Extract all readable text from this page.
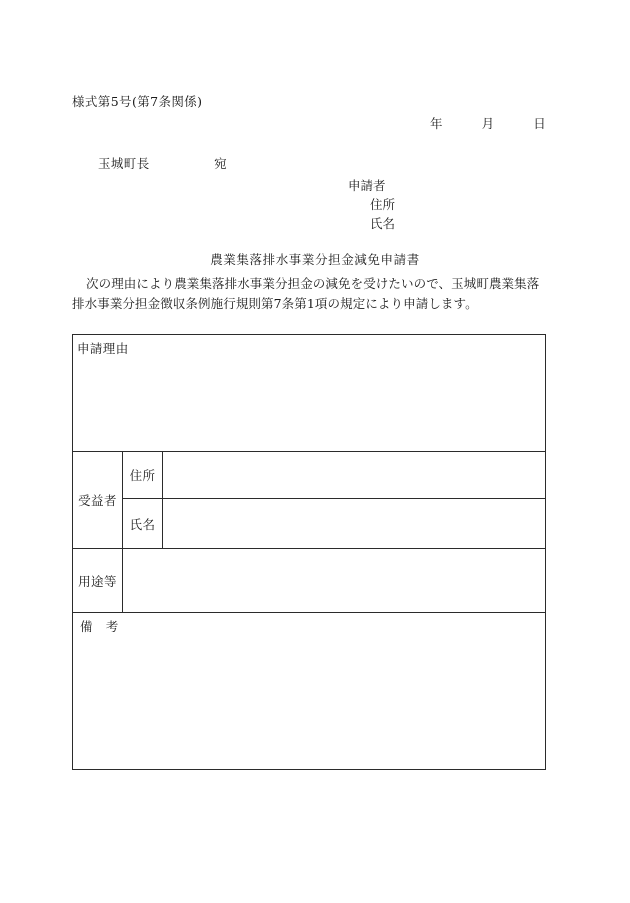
様式第5号(第7条関係)
年　　　月　　　日
玉城町長　　　　　宛
申請者
住所
氏名
農業集落排水事業分担金減免申請書
次の理由により農業集落排水事業分担金の減免を受けたいので、玉城町農業集落排水事業分担金徴収条例施行規則第7条第1項の規定により申請します。
申請理由		
受益者	住所	
	氏名	
用途等		
備　考		
